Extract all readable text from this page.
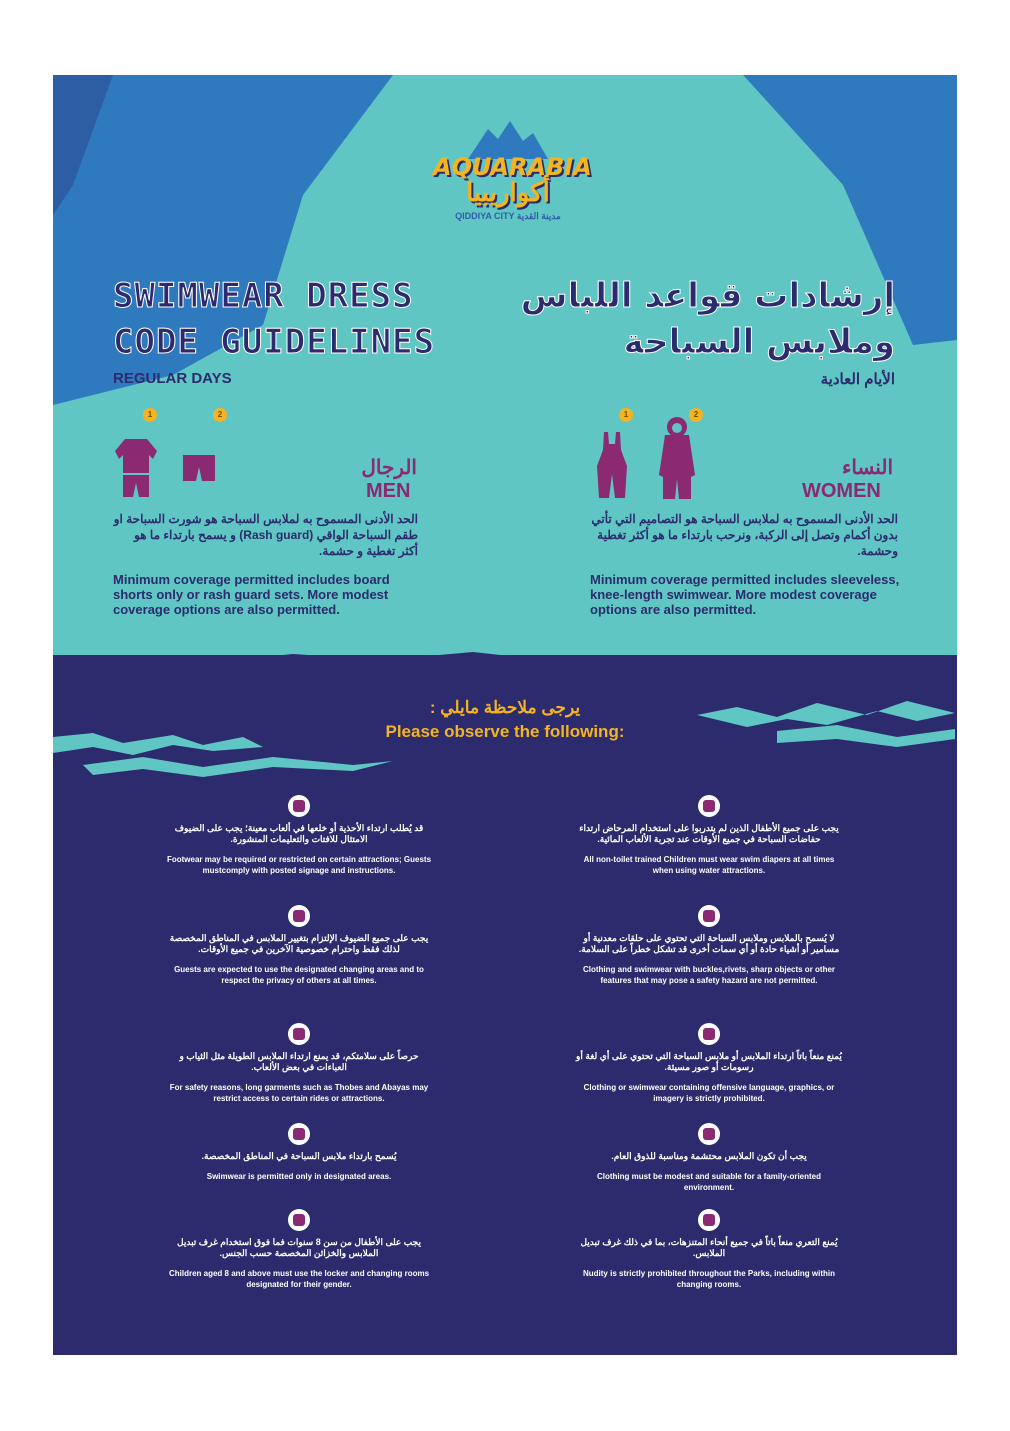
AQUARABIA
أكواريبيا
QIDDIYA CITY مدينة القدية
SWIMWEAR DRESS CODE GUIDELINES
إرشادات قواعد اللباس وملابس السباحة
REGULAR DAYS	الأيام العادية
1	2
الرجال
MEN
الحد الأدنى المسموح به لملابس السباحة هو شورت السباحة او طقم السباحة الواقي (Rash guard) و يسمح بارتداء ما هو أكثر تغطية و حشمة.
Minimum coverage permitted includes board shorts only or rash guard sets. More modest coverage options are also permitted.
1	2
النساء
WOMEN
الحد الأدنى المسموح به لملابس السباحة هو التصاميم التي تأتي بدون أكمام وتصل إلى الركبة، ونرحب بارتداء ما هو أكثر تغطية وحشمة.
Minimum coverage permitted includes sleeveless, knee-length swimwear. More modest coverage options are also permitted.
يرجى ملاحظة مايلي :
Please observe the following:
قد يُطلب ارتداء الأحذية أو خلعها في ألعاب معينة؛ يجب على الضيوف الامتثال للافتات والتعليمات المنشورة.
Footwear may be required or restricted on certain attractions; Guests mustcomply with posted signage and instructions.
يجب على جميع الضيوف الإلتزام بتغيير الملابس في المناطق المخصصة لذلك فقط واحترام خصوصية الآخرين في جميع الأوقات.
Guests are expected to use the designated changing areas and to respect the privacy of others at all times.
حرصاً على سلامتكم، قد يمنع ارتداء الملابس الطويلة مثل الثياب و العباءات في بعض الألعاب.
For safety reasons, long garments such as Thobes and Abayas may restrict access to certain rides or attractions.
يُسمح بارتداء ملابس السباحة في المناطق المخصصة.
Swimwear is permitted only in designated areas.
يجب على الأطفال من سن 8 سنوات فما فوق استخدام غرف تبديل الملابس والخزائن المخصصة حسب الجنس.
Children aged 8 and above must use the locker and changing rooms designated for their gender.
يجب على جميع الأطفال الذين لم يتدربوا على استخدام المرحاض ارتداء حفاضات السباحة في جميع الأوقات عند تجربة الألعاب المائية.
All non-toilet trained Children must wear swim diapers at all times when using water attractions.
لا يُسمح بالملابس وملابس السباحة التي تحتوي على حلقات معدنية أو مسامير أو أشياء حادة أو أي سمات أخرى قد تشكل خطراً على السلامة.
Clothing and swimwear with buckles,rivets, sharp objects or other features that may pose a safety hazard are not permitted.
يُمنع منعاً باتاً ارتداء الملابس أو ملابس السباحة التي تحتوي على أي لغة أو رسومات أو صور مسيئة.
Clothing or swimwear containing offensive language, graphics, or imagery is strictly prohibited.
يجب أن تكون الملابس محتشمة ومناسبة للذوق العام.
Clothing must be modest and suitable for a family-oriented environment.
يُمنع التعري منعاً باتاً في جميع أنحاء المتنزهات، بما في ذلك غرف تبديل الملابس.
Nudity is strictly prohibited throughout the Parks, including within changing rooms.
